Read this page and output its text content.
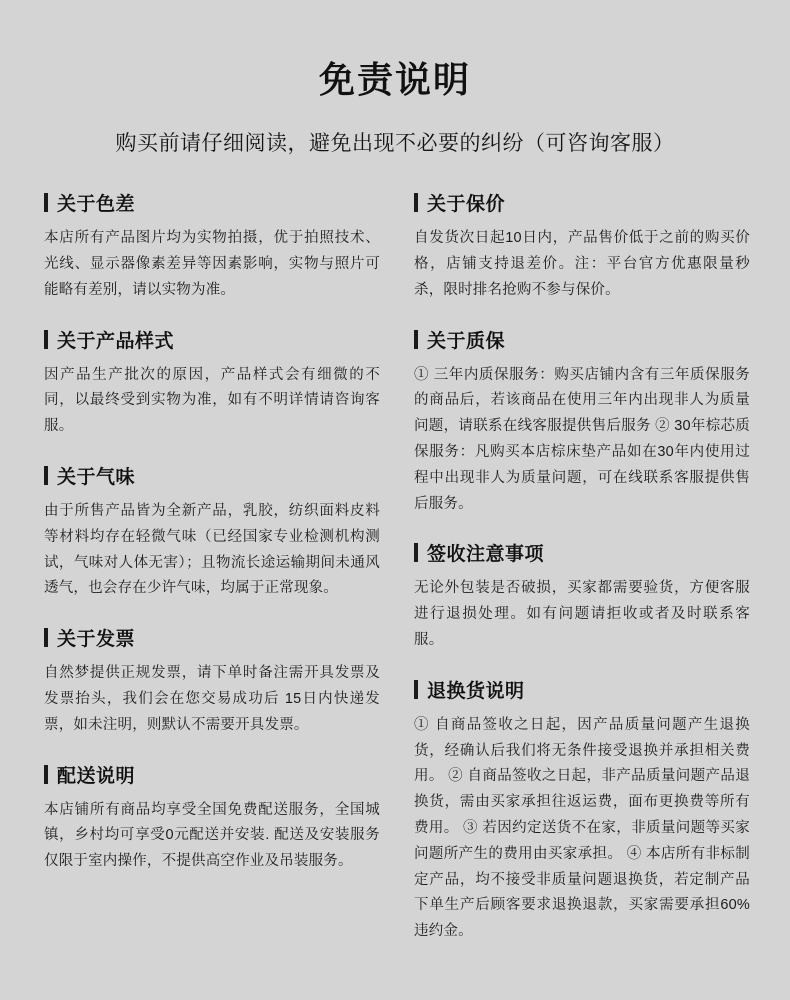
免责说明
购买前请仔细阅读，避免出现不必要的纠纷（可咨询客服）
关于色差
本店所有产品图片均为实物拍摄，优于拍照技术、光线、显示器像素差异等因素影响，实物与照片可能略有差别，请以实物为准。
关于产品样式
因产品生产批次的原因，产品样式会有细微的不同，以最终受到实物为准，如有不明详情请咨询客服。
关于气味
由于所售产品皆为全新产品，乳胶，纺织面料皮料等材料均存在轻微气味（已经国家专业检测机构测试，气味对人体无害）；且物流长途运输期间未通风透气，也会存在少许气味，均属于正常现象。
关于发票
自然梦提供正规发票，请下单时备注需开具发票及发票抬头，我们会在您交易成功后 15日内快递发票，如未注明，则默认不需要开具发票。
配送说明
本店铺所有商品均享受全国免费配送服务，全国城镇，乡村均可享受0元配送并安装. 配送及安装服务仅限于室内操作，不提供高空作业及吊装服务。
关于保价
自发货次日起10日内，产品售价低于之前的购买价格，店铺支持退差价。注：平台官方优惠限量秒杀，限时排名抢购不参与保价。
关于质保
① 三年内质保服务：购买店铺内含有三年质保服务的商品后，若该商品在使用三年内出现非人为质量问题，请联系在线客服提供售后服务 ② 30年棕芯质保服务：凡购买本店棕床垫产品如在30年内使用过程中出现非人为质量问题，可在线联系客服提供售后服务。
签收注意事项
无论外包装是否破损，买家都需要验货，方便客服进行退损处理。如有问题请拒收或者及时联系客服。
退换货说明
① 自商品签收之日起，因产品质量问题产生退换货，经确认后我们将无条件接受退换并承担相关费用。 ② 自商品签收之日起，非产品质量问题产品退换货，需由买家承担往返运费，面布更换费等所有费用。 ③ 若因约定送货不在家，非质量问题等买家问题所产生的费用由买家承担。 ④ 本店所有非标制定产品，均不接受非质量问题退换货，若定制产品下单生产后顾客要求退换退款，买家需要承担60%违约金。
